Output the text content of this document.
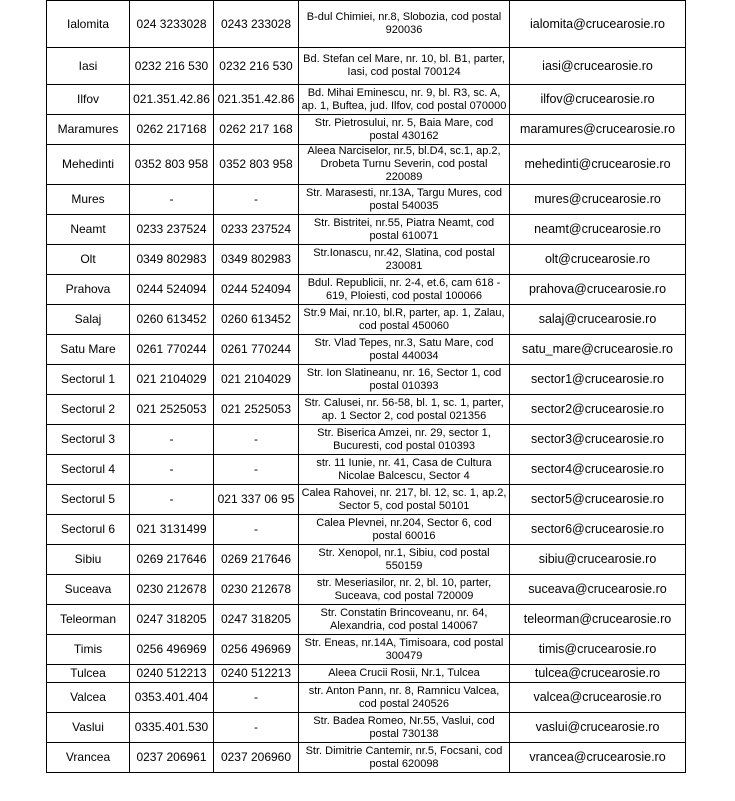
Ialomita	024 3233028	0243 233028	B-dul Chimiei, nr.8, Slobozia, cod postal 920036	ialomita@crucearosie.ro
Iasi	0232 216 530	0232 216 530	Bd. Stefan cel Mare, nr. 10, bl. B1, parter, Iasi, cod postal 700124	iasi@crucearosie.ro
Ilfov	021.351.42.86	021.351.42.86	Bd. Mihai Eminescu, nr. 9, bl. R3, sc. A, ap. 1, Buftea, jud. Ilfov, cod postal 070000	ilfov@crucearosie.ro
Maramures	0262 217168	0262 217 168	Str. Pietrosului, nr. 5, Baia Mare, cod postal 430162	maramures@crucearosie.ro
Mehedinti	0352 803 958	0352 803 958	Aleea Narciselor, nr.5, bl.D4, sc.1, ap.2, Drobeta Turnu Severin, cod postal 220089	mehedinti@crucearosie.ro
Mures	-	-	Str. Marasesti, nr.13A, Targu Mures, cod postal 540035	mures@crucearosie.ro
Neamt	0233 237524	0233 237524	Str. Bistritei, nr.55, Piatra Neamt, cod postal 610071	neamt@crucearosie.ro
Olt	0349 802983	0349 802983	Str.Ionascu, nr.42, Slatina, cod postal 230081	olt@crucearosie.ro
Prahova	0244 524094	0244 524094	Bdul. Republicii, nr. 2-4, et.6, cam 618 - 619, Ploiesti, cod postal 100066	prahova@crucearosie.ro
Salaj	0260 613452	0260 613452	Str.9 Mai, nr.10, bl.R, parter, ap. 1, Zalau, cod postal 450060	salaj@crucearosie.ro
Satu Mare	0261 770244	0261 770244	Str. Vlad Tepes, nr.3, Satu Mare, cod postal 440034	satu_mare@crucearosie.ro
Sectorul 1	021 2104029	021 2104029	Str. Ion Slatineanu, nr. 16, Sector 1, cod postal 010393	sector1@crucearosie.ro
Sectorul 2	021 2525053	021 2525053	Str. Calusei, nr. 56-58, bl. 1, sc. 1, parter, ap. 1 Sector 2, cod postal 021356	sector2@crucearosie.ro
Sectorul 3	-	-	Str. Biserica Amzei, nr. 29, sector 1, Bucuresti, cod postal 010393	sector3@crucearosie.ro
Sectorul 4	-	-	str. 11 Iunie, nr. 41, Casa de Cultura Nicolae Balcescu, Sector 4	sector4@crucearosie.ro
Sectorul 5	-	021 337 06 95	Calea Rahovei, nr. 217, bl. 12, sc. 1, ap.2, Sector 5, cod postal 50101	sector5@crucearosie.ro
Sectorul 6	021 3131499	-	Calea Plevnei, nr.204, Sector 6, cod postal 60016	sector6@crucearosie.ro
Sibiu	0269 217646	0269 217646	Str. Xenopol, nr.1, Sibiu, cod postal 550159	sibiu@crucearosie.ro
Suceava	0230 212678	0230 212678	str. Meseriasilor, nr. 2, bl. 10, parter, Suceava, cod postal 720009	suceava@crucearosie.ro
Teleorman	0247 318205	0247 318205	Str. Constatin Brincoveanu, nr. 64, Alexandria, cod postal 140067	teleorman@crucearosie.ro
Timis	0256 496969	0256 496969	Str. Eneas, nr.14A, Timisoara, cod postal 300479	timis@crucearosie.ro
Tulcea	0240 512213	0240 512213	Aleea Crucii Rosii, Nr.1, Tulcea	tulcea@crucearosie.ro
Valcea	0353.401.404	-	str. Anton Pann, nr. 8, Ramnicu Valcea, cod postal 240526	valcea@crucearosie.ro
Vaslui	0335.401.530	-	Str. Badea Romeo, Nr.55, Vaslui, cod postal 730138	vaslui@crucearosie.ro
Vrancea	0237 206961	0237 206960	Str. Dimitrie Cantemir, nr.5, Focsani, cod postal 620098	vrancea@crucearosie.ro
